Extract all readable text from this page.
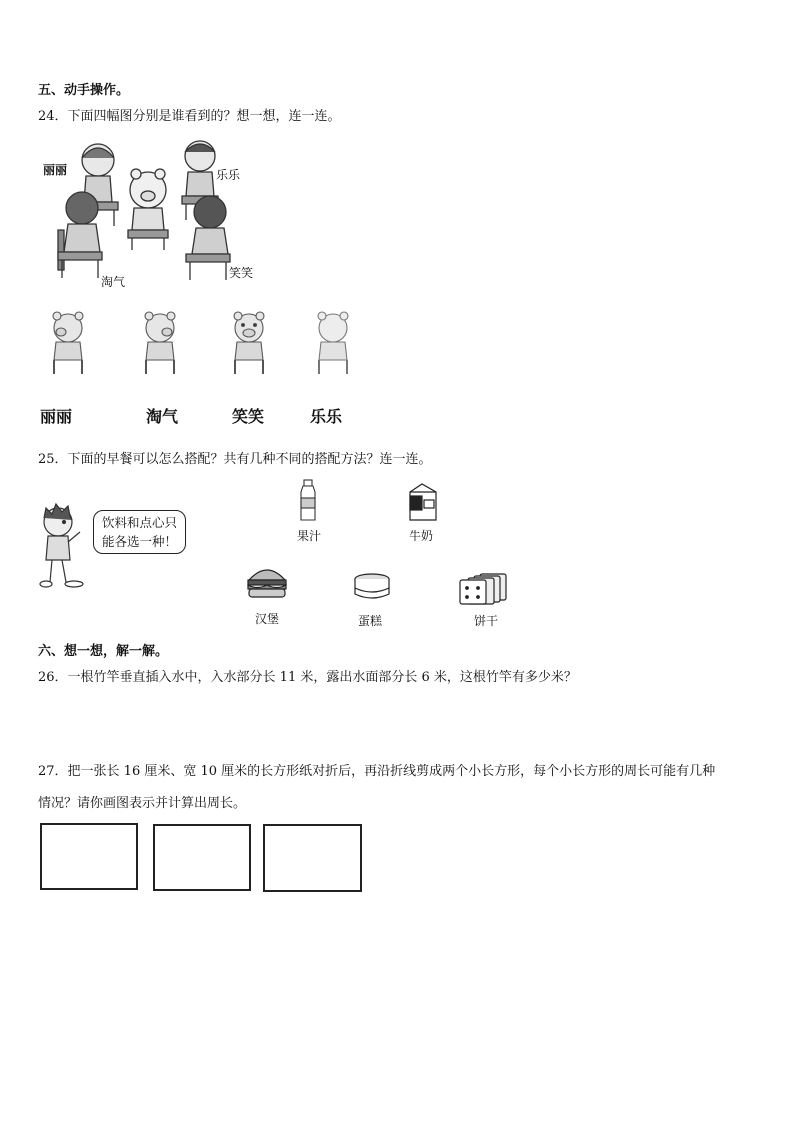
五、动手操作。
24．下面四幅图分别是谁看到的？想一想，连一连。
丽丽	乐乐
淘气
笑笑
丽丽	淘气	笑笑	乐乐
25．下面的早餐可以怎么搭配？共有几种不同的搭配方法？连一连。
饮料和点心只
能各选一种！	果汁	牛奶
汉堡	蛋糕	饼干
六、想一想，解一解。
26．一根竹竿垂直插入水中，入水部分长 11 米，露出水面部分长 6 米，这根竹竿有多少米？
27．把一张长 16 厘米、宽 10 厘米的长方形纸对折后，再沿折线剪成两个小长方形，每个小长方形的周长可能有几种
情况？请你画图表示并计算出周长。
